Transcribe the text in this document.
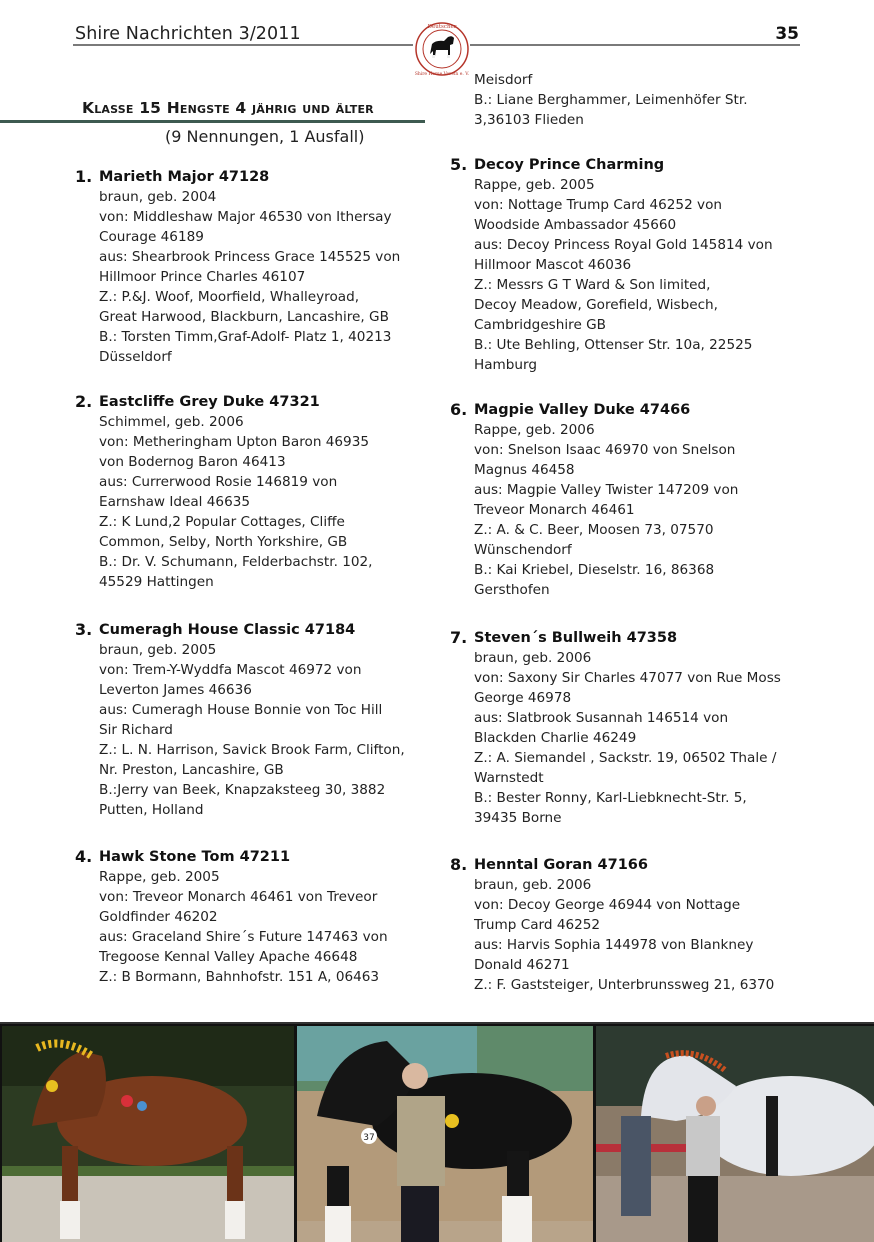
Shire Nachrichten 3/2011	35
Deutscher
Shire Horse Verein e. V.
Klasse 15 Hengste 4 jährig und älter
(9 Nennungen, 1 Ausfall)
Meisdorf
B.: Liane Berghammer, Leimenhöfer Str.
3,36103 Flieden
1. Marieth Major 47128
braun, geb. 2004
von: Middleshaw Major 46530 von Ithersay
Courage 46189
aus: Shearbrook Princess Grace 145525 von
Hillmoor Prince Charles 46107
Z.: P.&J. Woof, Moorfield, Whalleyroad,
Great Harwood, Blackburn, Lancashire, GB
B.: Torsten Timm,Graf-Adolf- Platz 1, 40213
Düsseldorf
2. Eastcliffe Grey Duke 47321
Schimmel, geb. 2006
von: Metheringham Upton Baron 46935
von Bodernog Baron 46413
aus: Currerwood Rosie 146819 von
Earnshaw Ideal 46635
Z.: K Lund,2 Popular Cottages, Cliffe
Common, Selby, North Yorkshire, GB
B.: Dr. V. Schumann, Felderbachstr. 102,
45529 Hattingen
3. Cumeragh House Classic 47184
braun, geb. 2005
von: Trem-Y-Wyddfa Mascot 46972 von
Leverton James 46636
aus: Cumeragh House Bonnie von Toc Hill
Sir Richard
Z.: L. N. Harrison, Savick Brook Farm, Clifton,
Nr. Preston, Lancashire, GB
B.:Jerry van Beek, Knapzaksteeg 30, 3882
Putten, Holland
4. Hawk Stone Tom 47211
Rappe, geb. 2005
von: Treveor Monarch 46461 von Treveor
Goldfinder 46202
aus: Graceland Shire´s Future 147463 von
Tregoose Kennal Valley Apache 46648
Z.: B Bormann, Bahnhofstr. 151 A, 06463
5. Decoy Prince Charming
Rappe, geb. 2005
von: Nottage Trump Card 46252 von
Woodside Ambassador 45660
aus: Decoy Princess Royal Gold 145814 von
Hillmoor Mascot 46036
Z.: Messrs G T Ward & Son limited,
Decoy Meadow, Gorefield, Wisbech,
Cambridgeshire GB
B.: Ute Behling, Ottenser Str. 10a, 22525
Hamburg
6. Magpie Valley Duke 47466
Rappe, geb. 2006
von: Snelson Isaac 46970 von Snelson
Magnus 46458
aus: Magpie Valley Twister 147209 von
Treveor Monarch 46461
Z.: A. & C. Beer, Moosen 73, 07570
Wünschendorf
B.: Kai Kriebel, Dieselstr. 16, 86368
Gersthofen
7. Steven´s Bullweih 47358
braun, geb. 2006
von: Saxony Sir Charles 47077 von Rue Moss
George 46978
aus: Slatbrook Susannah 146514 von
Blackden Charlie 46249
Z.: A. Siemandel , Sackstr. 19, 06502 Thale /
Warnstedt
B.: Bester Ronny, Karl-Liebknecht-Str. 5,
39435 Borne
8. Henntal Goran 47166
braun, geb. 2006
von: Decoy George 46944 von Nottage
Trump Card 46252
aus: Harvis Sophia 144978 von Blankney
Donald 46271
Z.: F. Gaststeiger, Unterbrunssweg 21, 6370
37
